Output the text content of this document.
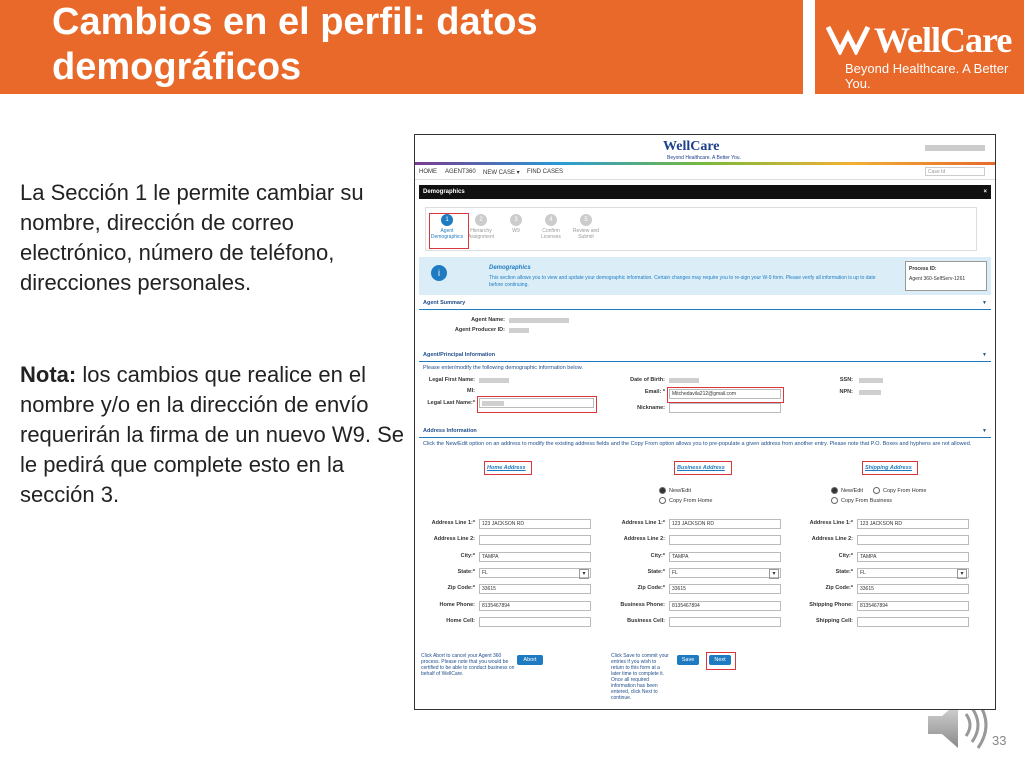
Cambios en el perfil: datos demográficos
WellCare
Beyond Healthcare. A Better You.
La Sección 1 le permite cambiar su nombre, dirección de correo electrónico, número de teléfono, direcciones personales.
Nota: los cambios que realice en el nombre y/o en la dirección de envío requerirán la firma de un nuevo W9. Se le pedirá que complete esto en la sección 3.
33
WellCare
Beyond Healthcare. A Better You.
HOME AGENT360 NEW CASE ▾ FIND CASES	Case Id
Demographics	×
1
Agent Demographics
2
Hierarchy Assignment
3
W9
4
Confirm Licenses
5
Review and Submit
i	Demographics
This section allows you to view and update your demographic information. Certain changes may require you to re-sign your W-9 form. Please verify all information is up to date before continuing.
Process ID:
Agent 360-SelfServ-1261
Agent Summary	▼
Agent Name:
Agent Producer ID:
Agent/Principal Information	▼
Please enter/modify the following demographic information below.
Legal First Name:
MI:
Legal Last Name:*
Date of Birth:
Email: *	Mitchedavila212@gmail.com
Nickname:
SSN:
NPN:
Address Information	▼
Click the New/Edit option on an address to modify the existing address fields and the Copy From option allows you to pre-populate a given address from another entry. Please note that P.O. Boxes and hyphens are not allowed.
Home Address
Address Line 1:*	123 JACKSON RD
Address Line 2:
City:*	TAMPA
State:*	FL ▾
Zip Code:*	33615
Home Phone:	8135467894
Home Cell:
Business Address
New/Edit
Copy From Home
Address Line 1:*	123 JACKSON RD
Address Line 2:
City:*	TAMPA
State:*	FL ▾
Zip Code:*	33615
Business Phone:	8135467894
Business Cell:
Shipping Address
New/Edit	Copy From Home
Copy From Business
Address Line 1:*	123 JACKSON RD
Address Line 2:
City:*	TAMPA
State:*	FL ▾
Zip Code:*	33615
Shipping Phone:	8135467894
Shipping Cell:
Click Abort to cancel your Agent 360 process. Please note that you would be certified to be able to conduct business on behalf of WellCare.
Abort
Click Save to commit your entries if you wish to return to this form at a later time to complete it. Once all required information has been entered, click Next to continue.
Save	Next
